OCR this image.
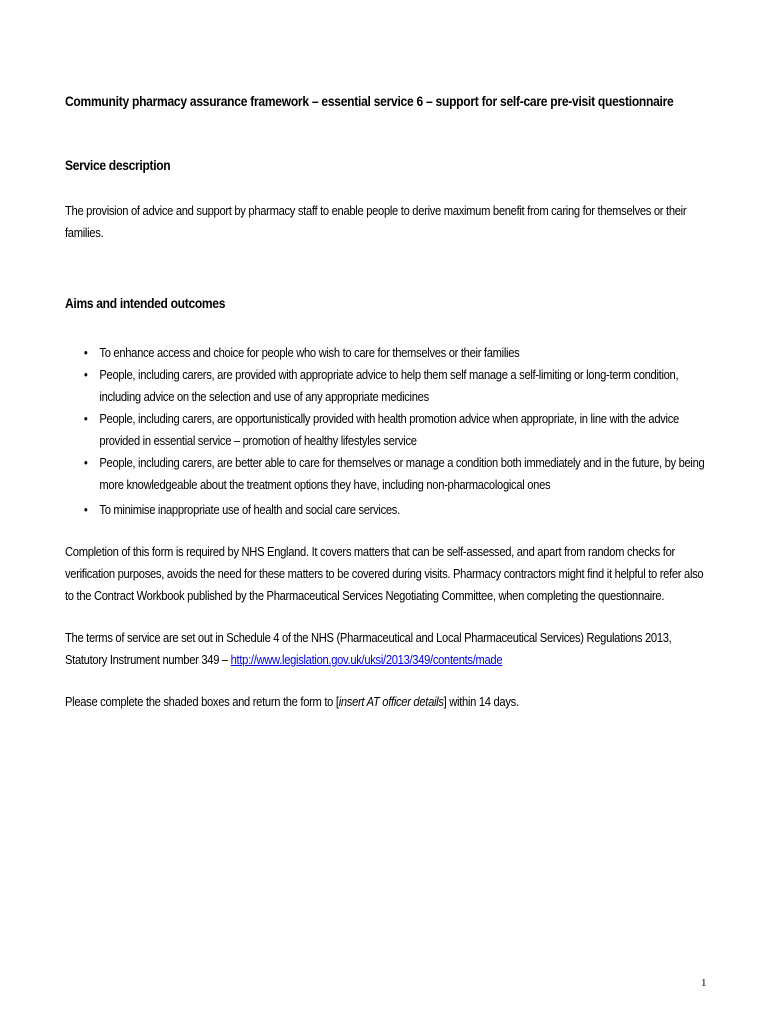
Community pharmacy assurance framework – essential service 6 – support for self-care pre-visit questionnaire

Service description

The provision of advice and support by pharmacy staff to enable people to derive maximum benefit from caring for themselves or their families.

Aims and intended outcomes

• To enhance access and choice for people who wish to care for themselves or their families
• People, including carers, are provided with appropriate advice to help them self manage a self-limiting or long-term condition, including advice on the selection and use of any appropriate medicines
• People, including carers, are opportunistically provided with health promotion advice when appropriate, in line with the advice provided in essential service – promotion of healthy lifestyles service
• People, including carers, are better able to care for themselves or manage a condition both immediately and in the future, by being more knowledgeable about the treatment options they have, including non-pharmacological ones
• To minimise inappropriate use of health and social care services.

Completion of this form is required by NHS England. It covers matters that can be self-assessed, and apart from random checks for verification purposes, avoids the need for these matters to be covered during visits. Pharmacy contractors might find it helpful to refer also to the Contract Workbook published by the Pharmaceutical Services Negotiating Committee, when completing the questionnaire.

The terms of service are set out in Schedule 4 of the NHS (Pharmaceutical and Local Pharmaceutical Services) Regulations 2013, Statutory Instrument number 349 – http://www.legislation.gov.uk/uksi/2013/349/contents/made

Please complete the shaded boxes and return the form to [insert AT officer details] within 14 days.

1
